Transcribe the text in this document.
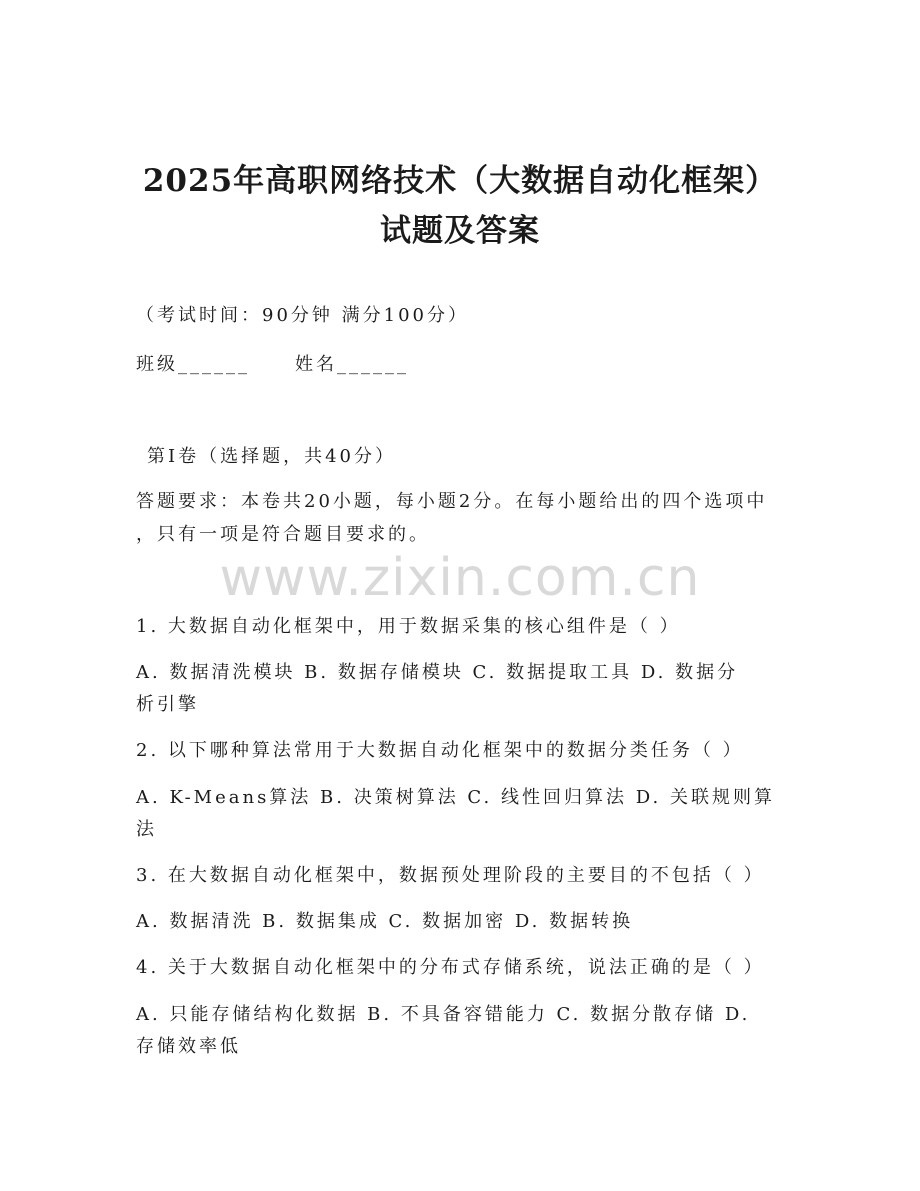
2025年高职网络技术（大数据自动化框架）
试题及答案

（考试时间：90分钟 满分100分）

班级______	姓名______

第I卷（选择题，共40分）

答题要求：本卷共20小题，每小题2分。在每小题给出的四个选项中

，只有一项是符合题目要求的。

www.zixin.com.cn

1. 大数据自动化框架中，用于数据采集的核心组件是（ ）

A. 数据清洗模块 B. 数据存储模块 C. 数据提取工具 D. 数据分

析引擎

2. 以下哪种算法常用于大数据自动化框架中的数据分类任务（ ）

A. K-Means算法 B. 决策树算法 C. 线性回归算法 D. 关联规则算

法

3. 在大数据自动化框架中，数据预处理阶段的主要目的不包括（ ）

A. 数据清洗 B. 数据集成 C. 数据加密 D. 数据转换

4. 关于大数据自动化框架中的分布式存储系统，说法正确的是（ ）

A. 只能存储结构化数据 B. 不具备容错能力 C. 数据分散存储 D.

存储效率低
